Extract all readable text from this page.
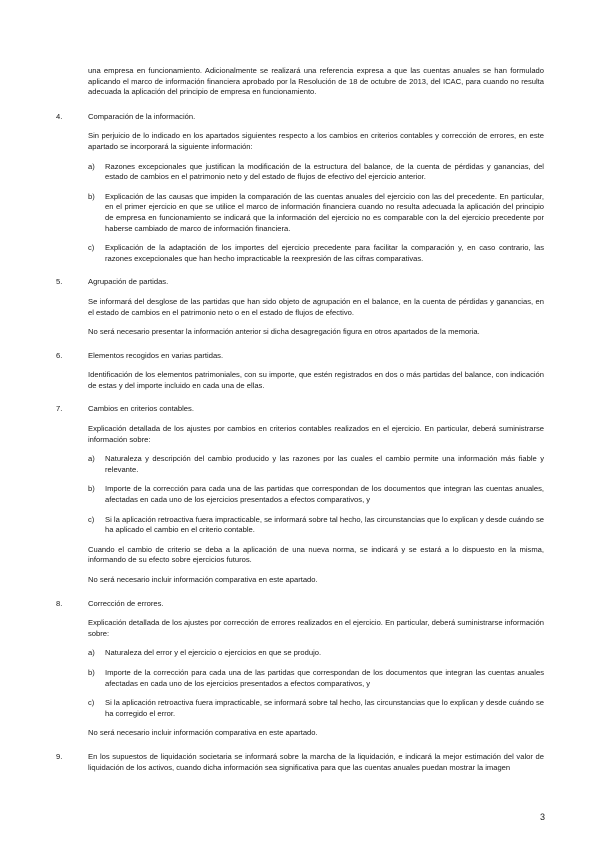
una empresa en funcionamiento. Adicionalmente se realizará una referencia expresa a que las cuentas anuales se han formulado aplicando el marco de información financiera aprobado por la Resolución de 18 de octubre de 2013, del ICAC, para cuando no resulta adecuada la aplicación del principio de empresa en funcionamiento.

4.	Comparación de la información.

Sin perjuicio de lo indicado en los apartados siguientes respecto a los cambios en criterios contables y corrección de errores, en este apartado se incorporará la siguiente información:

a)	Razones excepcionales que justifican la modificación de la estructura del balance, de la cuenta de pérdidas y ganancias, del estado de cambios en el patrimonio neto y del estado de flujos de efectivo del ejercicio anterior.
b)	Explicación de las causas que impiden la comparación de las cuentas anuales del ejercicio con las del precedente. En particular, en el primer ejercicio en que se utilice el marco de información financiera cuando no resulta adecuada la aplicación del principio de empresa en funcionamiento se indicará que la información del ejercicio no es comparable con la del ejercicio precedente por haberse cambiado de marco de información financiera.
c)	Explicación de la adaptación de los importes del ejercicio precedente para facilitar la comparación y, en caso contrario, las razones excepcionales que han hecho impracticable la reexpresión de las cifras comparativas.
5.	Agrupación de partidas.

Se informará del desglose de las partidas que han sido objeto de agrupación en el balance, en la cuenta de pérdidas y ganancias, en el estado de cambios en el patrimonio neto o en el estado de flujos de efectivo.

No será necesario presentar la información anterior si dicha desagregación figura en otros apartados de la memoria.

6.	Elementos recogidos en varias partidas.

Identificación de los elementos patrimoniales, con su importe, que estén registrados en dos o más partidas del balance, con indicación de estas y del importe incluido en cada una de ellas.

7.	Cambios en criterios contables.

Explicación detallada de los ajustes por cambios en criterios contables realizados en el ejercicio. En particular, deberá suministrarse información sobre:

a)	Naturaleza y descripción del cambio producido y las razones por las cuales el cambio permite una información más fiable y relevante.
b)	Importe de la corrección para cada una de las partidas que correspondan de los documentos que integran las cuentas anuales, afectadas en cada uno de los ejercicios presentados a efectos comparativos, y
c)	Si la aplicación retroactiva fuera impracticable, se informará sobre tal hecho, las circunstancias que lo explican y desde cuándo se ha aplicado el cambio en el criterio contable.

Cuando el cambio de criterio se deba a la aplicación de una nueva norma, se indicará y se estará a lo dispuesto en la misma, informando de su efecto sobre ejercicios futuros.

No será necesario incluir información comparativa en este apartado.

8.	Corrección de errores.

Explicación detallada de los ajustes por corrección de errores realizados en el ejercicio. En particular, deberá suministrarse información sobre:

a)	Naturaleza del error y el ejercicio o ejercicios en que se produjo.
b)	Importe de la corrección para cada una de las partidas que correspondan de los documentos que integran las cuentas anuales afectadas en cada uno de los ejercicios presentados a efectos comparativos, y
c)	Si la aplicación retroactiva fuera impracticable, se informará sobre tal hecho, las circunstancias que lo explican y desde cuándo se ha corregido el error.

No será necesario incluir información comparativa en este apartado.

9.	En los supuestos de liquidación societaria se informará sobre la marcha de la liquidación, e indicará la mejor estimación del valor de liquidación de los activos, cuando dicha información sea significativa para que las cuentas anuales puedan mostrar la imagen
3
